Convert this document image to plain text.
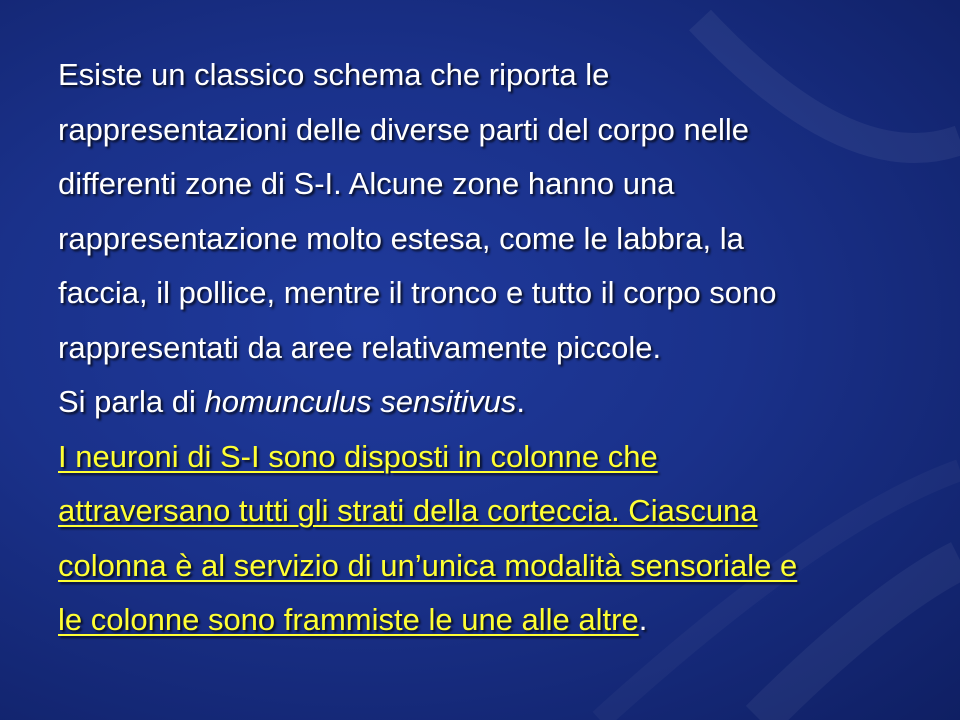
Esiste un classico schema che riporta le
rappresentazioni delle diverse parti del corpo nelle
differenti zone di S-I. Alcune zone hanno una
rappresentazione molto estesa, come le labbra, la
faccia, il pollice, mentre il tronco e tutto il corpo sono
rappresentati da aree relativamente piccole.
Si parla di homunculus sensitivus.
I neuroni di S-I sono disposti in colonne che
attraversano tutti gli strati della corteccia. Ciascuna
colonna è al servizio di un’unica modalità sensoriale e
le colonne sono frammiste le une alle altre.
